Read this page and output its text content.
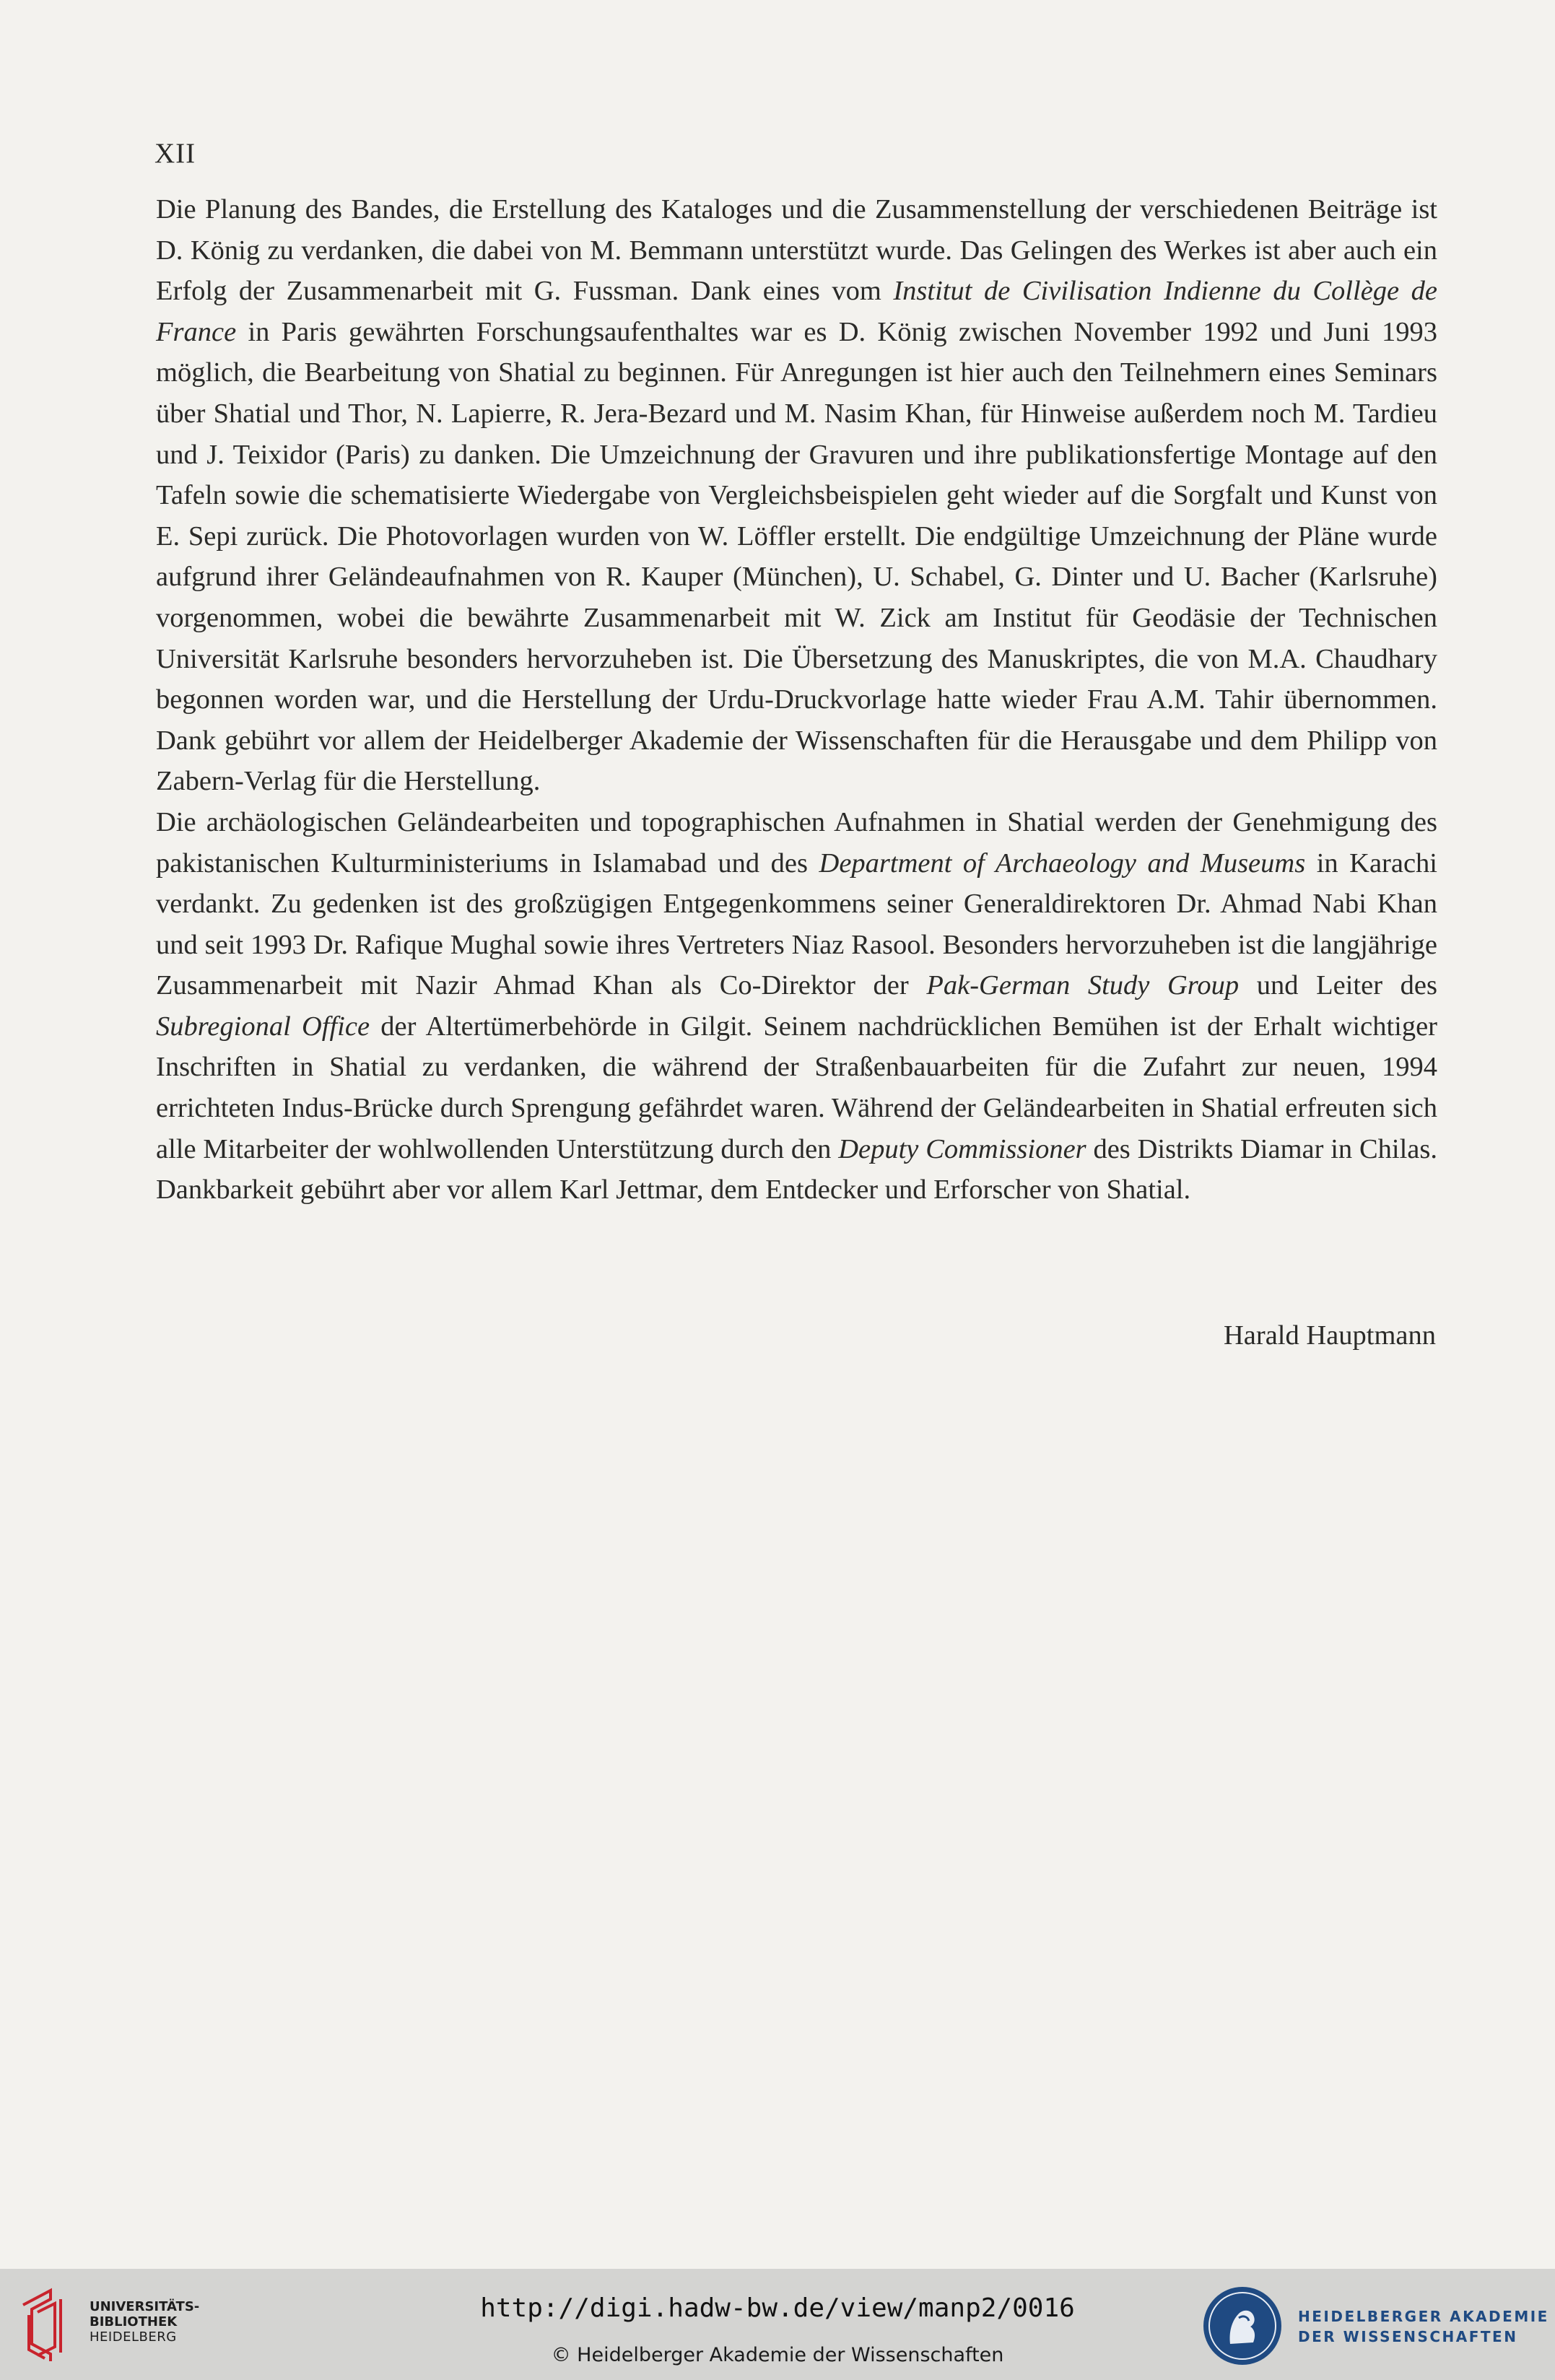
XII

Die Planung des Bandes, die Erstellung des Kataloges und die Zusammenstellung der verschiedenen Beiträge ist D. König zu verdanken, die dabei von M. Bemmann unterstützt wurde. Das Gelingen des Werkes ist aber auch ein Erfolg der Zusammenarbeit mit G. Fussman. Dank eines vom Institut de Civilisation Indienne du Collège de France in Paris gewährten Forschungsaufenthaltes war es D. König zwischen November 1992 und Juni 1993 möglich, die Bearbeitung von Shatial zu beginnen. Für Anregungen ist hier auch den Teilnehmern eines Seminars über Shatial und Thor, N. Lapierre, R. Jera-Bezard und M. Nasim Khan, für Hinweise außerdem noch M. Tardieu und J. Teixidor (Paris) zu danken. Die Umzeichnung der Gravuren und ihre publikationsfertige Montage auf den Tafeln sowie die schematisierte Wiedergabe von Vergleichsbeispielen geht wieder auf die Sorgfalt und Kunst von E. Sepi zurück. Die Photovorlagen wurden von W. Löffler erstellt. Die endgültige Umzeichnung der Pläne wurde aufgrund ihrer Geländeaufnahmen von R. Kauper (München), U. Schabel, G. Dinter und U. Bacher (Karlsruhe) vorgenommen, wobei die bewährte Zusammenarbeit mit W. Zick am Institut für Geodäsie der Technischen Universität Karlsruhe besonders hervorzuheben ist. Die Übersetzung des Manuskriptes, die von M.A. Chaudhary begonnen worden war, und die Herstellung der Urdu-Druckvorlage hatte wieder Frau A.M. Tahir übernommen. Dank gebührt vor allem der Heidelberger Akademie der Wissenschaften für die Herausgabe und dem Philipp von Zabern-Verlag für die Herstellung.

Die archäologischen Geländearbeiten und topographischen Aufnahmen in Shatial werden der Genehmigung des pakistanischen Kulturministeriums in Islamabad und des Department of Archaeology and Museums in Karachi verdankt. Zu gedenken ist des großzügigen Entgegenkommens seiner Generaldirektoren Dr. Ahmad Nabi Khan und seit 1993 Dr. Rafique Mughal sowie ihres Vertreters Niaz Rasool. Besonders hervorzuheben ist die langjährige Zusammenarbeit mit Nazir Ahmad Khan als Co-Direktor der Pak-German Study Group und Leiter des Subregional Office der Altertümerbehörde in Gilgit. Seinem nachdrücklichen Bemühen ist der Erhalt wichtiger Inschriften in Shatial zu verdanken, die während der Straßenbauarbeiten für die Zufahrt zur neuen, 1994 errichteten Indus-Brücke durch Sprengung gefährdet waren. Während der Geländearbeiten in Shatial erfreuten sich alle Mitarbeiter der wohlwollenden Unterstützung durch den Deputy Commissioner des Distrikts Diamar in Chilas. Dankbarkeit gebührt aber vor allem Karl Jettmar, dem Entdecker und Erforscher von Shatial.

Harald Hauptmann
UNIVERSITÄTS-
BIBLIOTHEK
HEIDELBERG
http://digi.hadw-bw.de/view/manp2/0016
© Heidelberger Akademie der Wissenschaften
HEIDELBERGER AKADEMIE
DER WISSENSCHAFTEN
